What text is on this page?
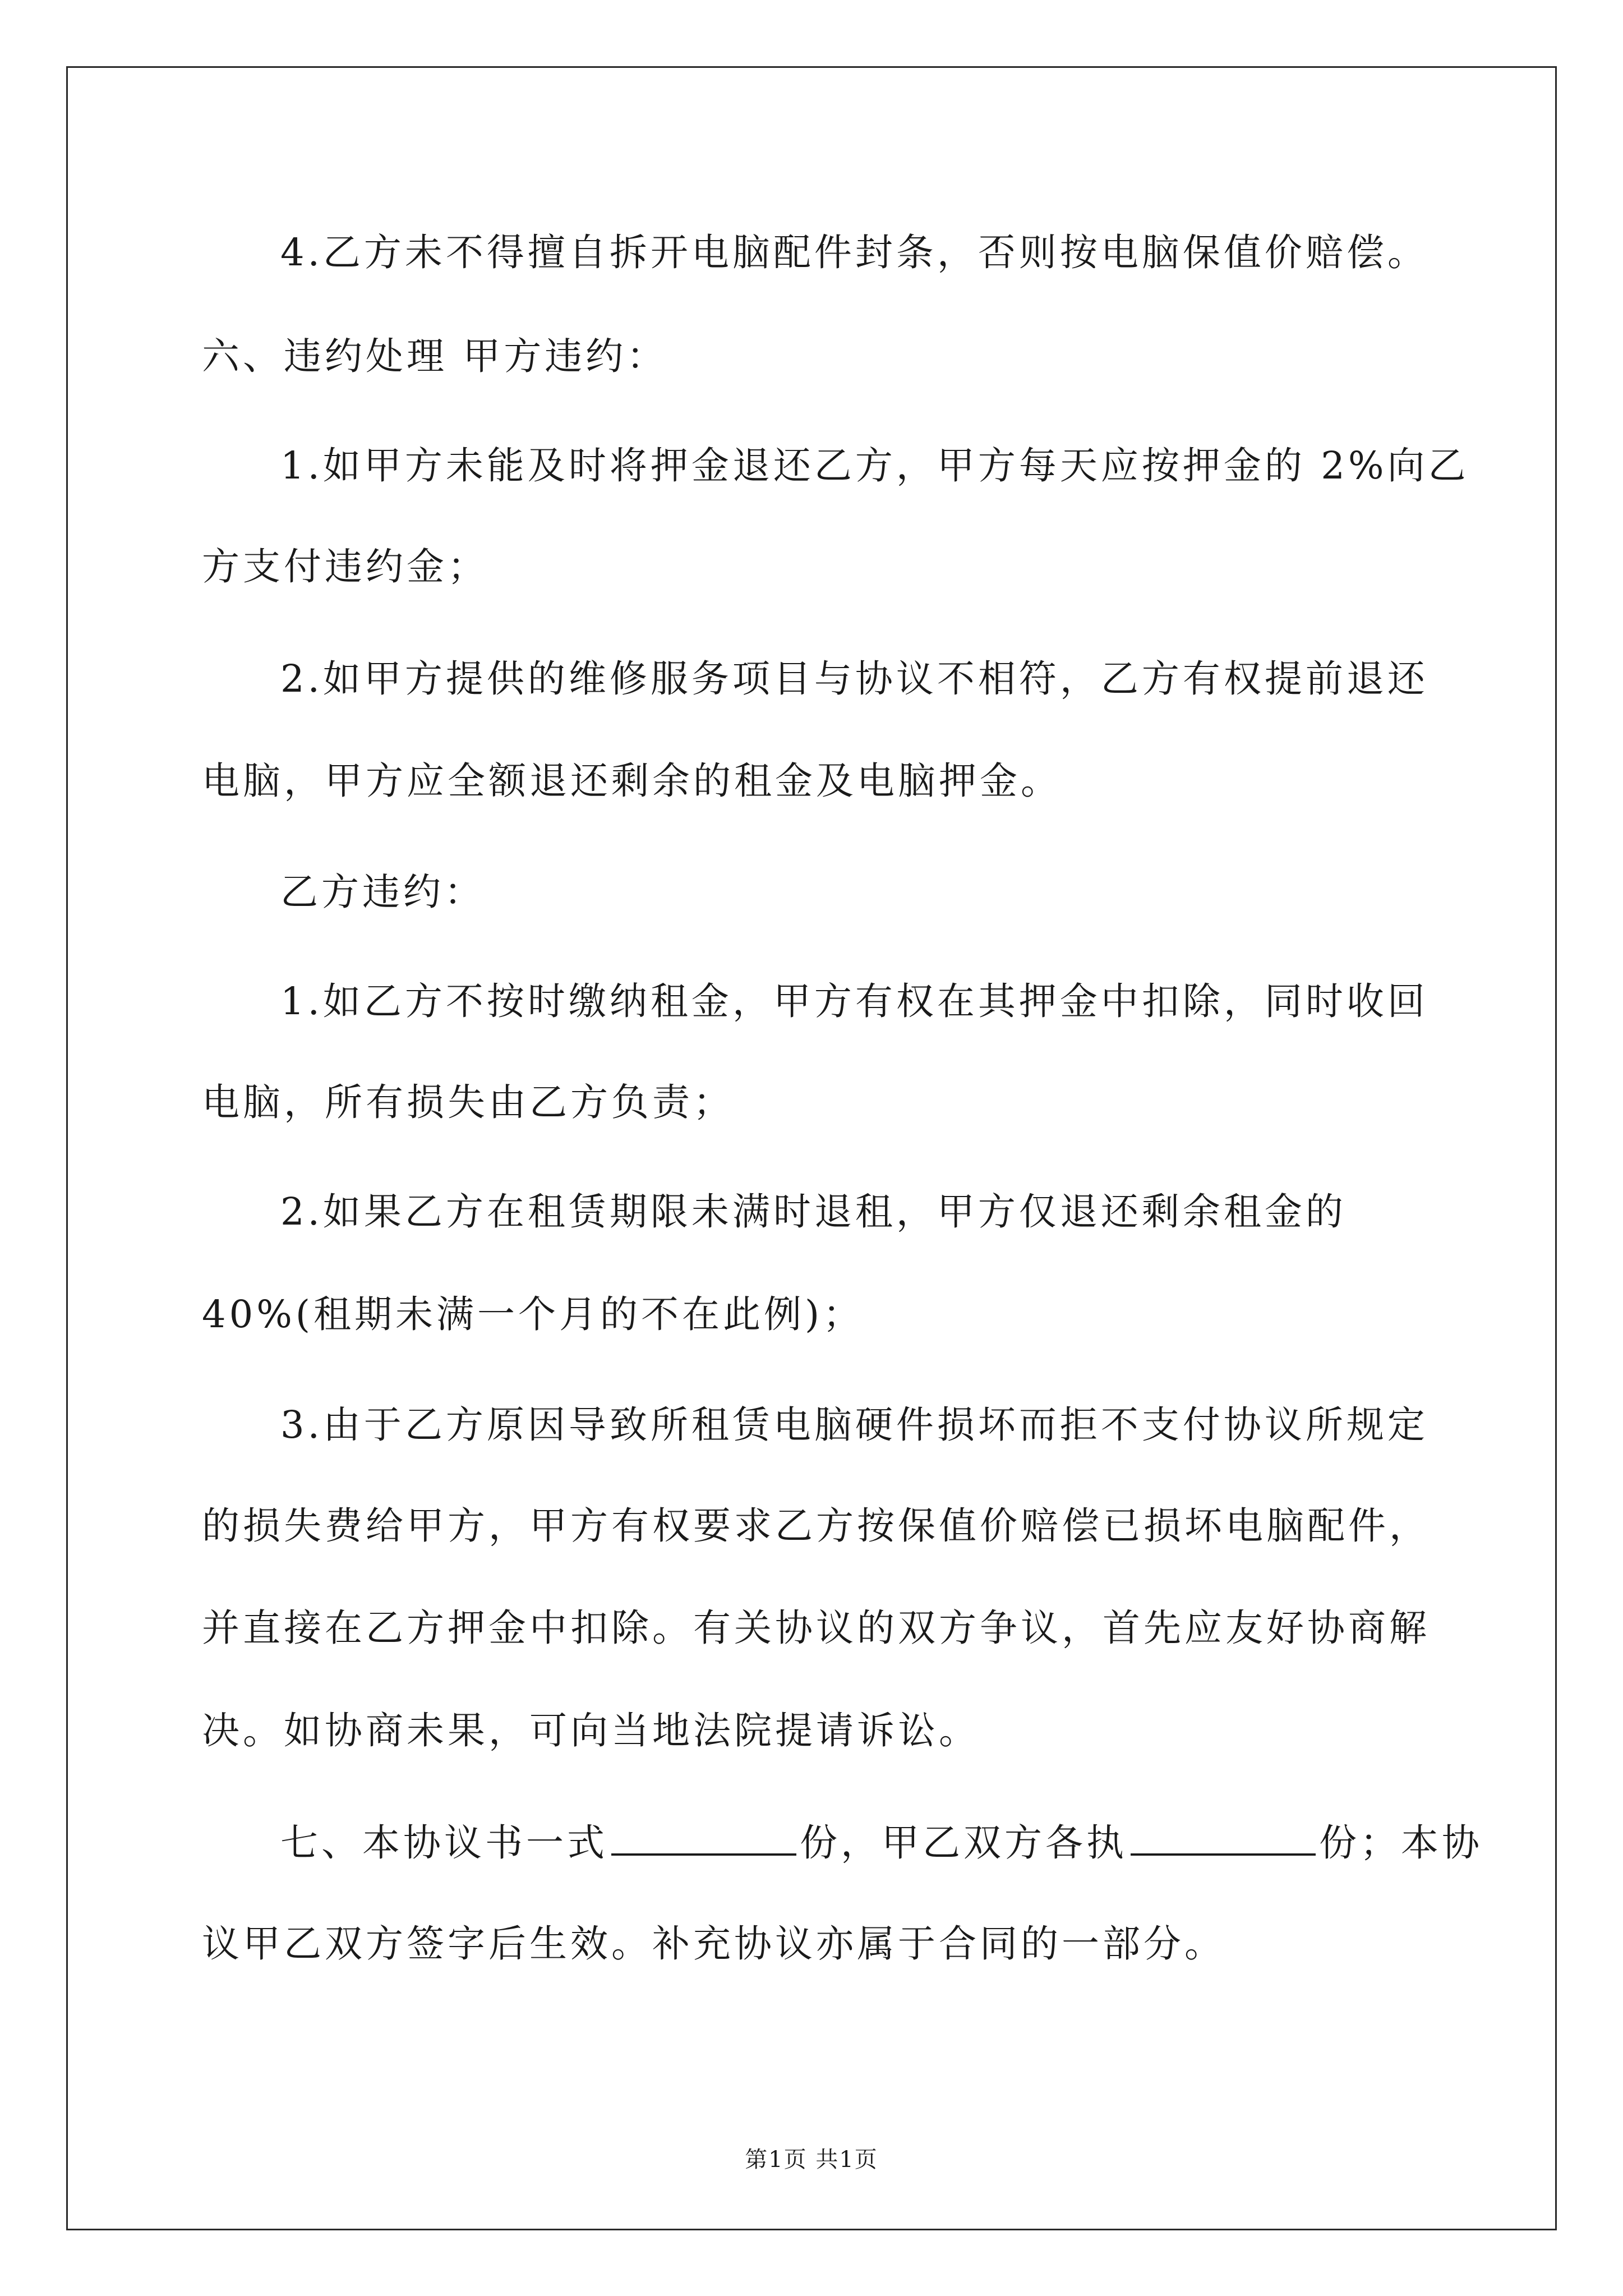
4.乙方未不得擅自拆开电脑配件封条，否则按电脑保值价赔偿。
六、违约处理 甲方违约：
1.如甲方未能及时将押金退还乙方，甲方每天应按押金的 2%向乙
方支付违约金；
2.如甲方提供的维修服务项目与协议不相符，乙方有权提前退还
电脑，甲方应全额退还剩余的租金及电脑押金。
乙方违约：
1.如乙方不按时缴纳租金，甲方有权在其押金中扣除，同时收回
电脑，所有损失由乙方负责；
2.如果乙方在租赁期限未满时退租，甲方仅退还剩余租金的
40%(租期未满一个月的不在此例)；
3.由于乙方原因导致所租赁电脑硬件损坏而拒不支付协议所规定
的损失费给甲方，甲方有权要求乙方按保值价赔偿已损坏电脑配件，
并直接在乙方押金中扣除。有关协议的双方争议，首先应友好协商解
决。如协商未果，可向当地法院提请诉讼。
七、本协议书一式	份，甲乙双方各执	份；本协
议甲乙双方签字后生效。补充协议亦属于合同的一部分。
第1页 共1页
